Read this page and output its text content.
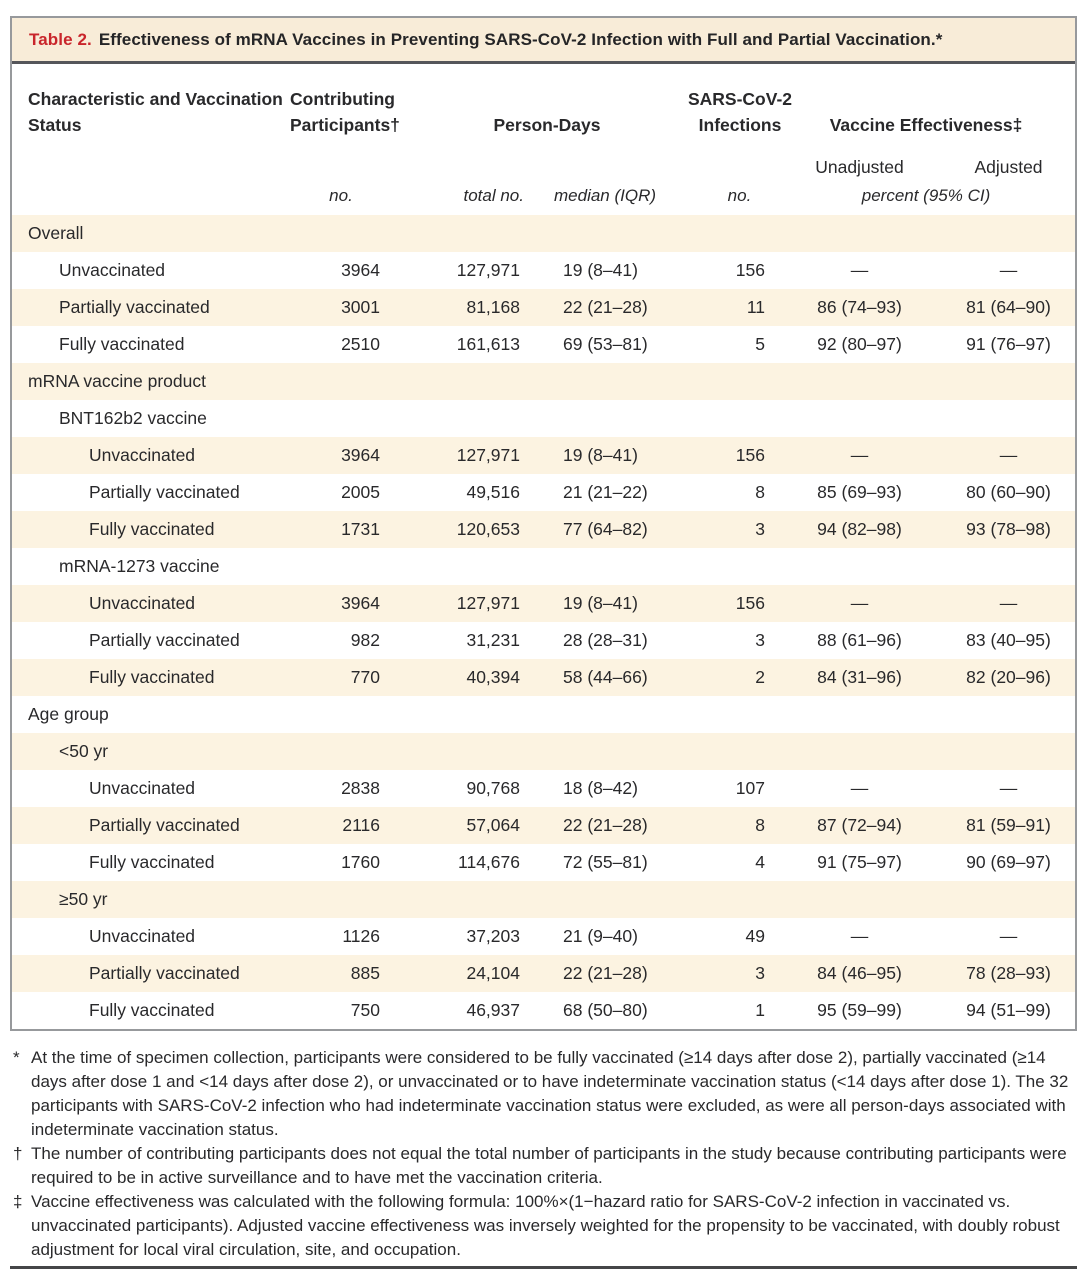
Table 2. Effectiveness of mRNA Vaccines in Preventing SARS-CoV-2 Infection with Full and Partial Vaccination.*
Characteristic and Vaccination Status	Contributing Participants†	Person-Days		SARS-CoV-2 Infections	Vaccine Effectiveness‡	
					Unadjusted	Adjusted
	no.	total no.	median (IQR)	no.	percent (95% CI)	
Overall						
Unvaccinated	3964	127,971	19 (8–41)	156	—	—
Partially vaccinated	3001	81,168	22 (21–28)	11	86 (74–93)	81 (64–90)
Fully vaccinated	2510	161,613	69 (53–81)	5	92 (80–97)	91 (76–97)
mRNA vaccine product						
BNT162b2 vaccine						
Unvaccinated	3964	127,971	19 (8–41)	156	—	—
Partially vaccinated	2005	49,516	21 (21–22)	8	85 (69–93)	80 (60–90)
Fully vaccinated	1731	120,653	77 (64–82)	3	94 (82–98)	93 (78–98)
mRNA-1273 vaccine						
Unvaccinated	3964	127,971	19 (8–41)	156	—	—
Partially vaccinated	982	31,231	28 (28–31)	3	88 (61–96)	83 (40–95)
Fully vaccinated	770	40,394	58 (44–66)	2	84 (31–96)	82 (20–96)
Age group						
<50 yr						
Unvaccinated	2838	90,768	18 (8–42)	107	—	—
Partially vaccinated	2116	57,064	22 (21–28)	8	87 (72–94)	81 (59–91)
Fully vaccinated	1760	114,676	72 (55–81)	4	91 (75–97)	90 (69–97)
≥50 yr						
Unvaccinated	1126	37,203	21 (9–40)	49	—	—
Partially vaccinated	885	24,104	22 (21–28)	3	84 (46–95)	78 (28–93)
Fully vaccinated	750	46,937	68 (50–80)	1	95 (59–99)	94 (51–99)
* At the time of specimen collection, participants were considered to be fully vaccinated (≥14 days after dose 2), partially vaccinated (≥14 days after dose 1 and <14 days after dose 2), or unvaccinated or to have indeterminate vaccination status (<14 days after dose 1). The 32 participants with SARS-CoV-2 infection who had indeterminate vaccination status were excluded, as were all person-days associated with indeterminate vaccination status.
† The number of contributing participants does not equal the total number of participants in the study because contributing participants were required to be in active surveillance and to have met the vaccination criteria.
‡ Vaccine effectiveness was calculated with the following formula: 100%×(1−hazard ratio for SARS-CoV-2 infection in vaccinated vs. unvaccinated participants). Adjusted vaccine effectiveness was inversely weighted for the propensity to be vaccinated, with doubly robust adjustment for local viral circulation, site, and occupation.
